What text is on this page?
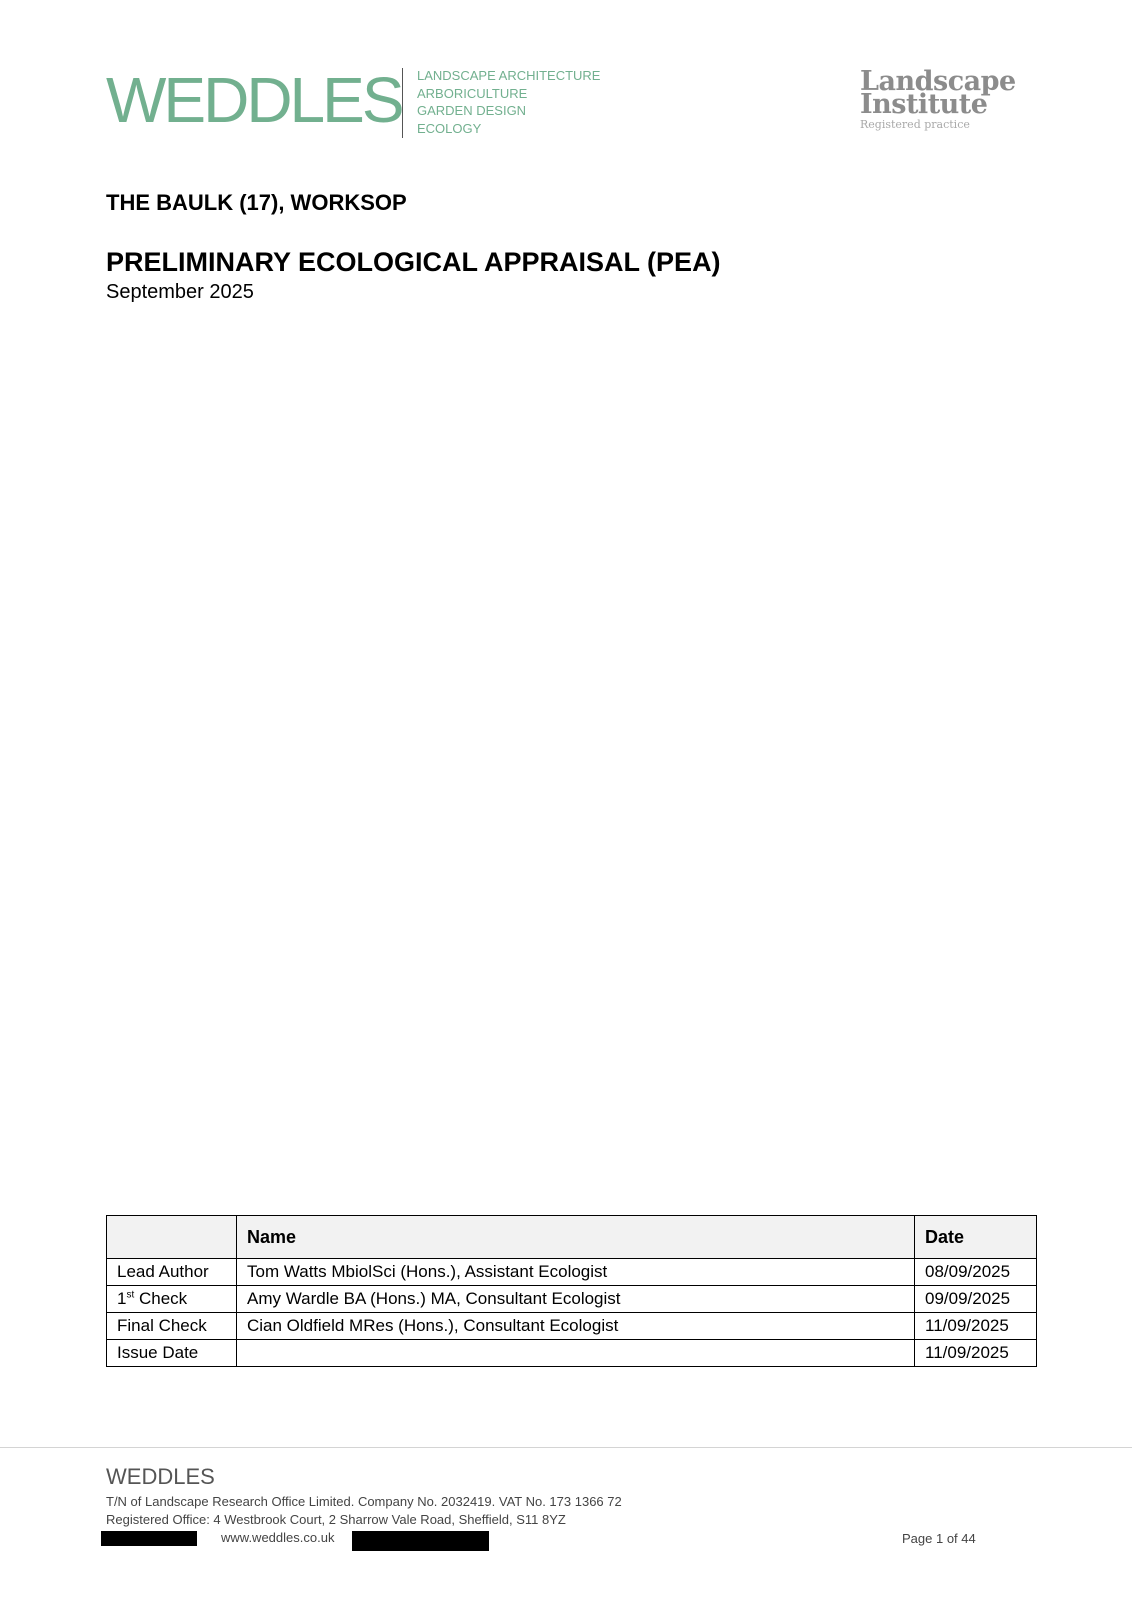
WEDDLES LANDSCAPE ARCHITECTURE
ARBORICULTURE
GARDEN DESIGN
ECOLOGY
Landscape
Institute
Registered practice
THE BAULK (17), WORKSOP
PRELIMINARY ECOLOGICAL APPRAISAL (PEA)
September 2025
	Name	Date
Lead Author	Tom Watts MbiolSci (Hons.), Assistant Ecologist	08/09/2025
1st Check	Amy Wardle BA (Hons.) MA, Consultant Ecologist	09/09/2025
Final Check	Cian Oldfield MRes (Hons.), Consultant Ecologist	11/09/2025
Issue Date		11/09/2025
WEDDLES
T/N of Landscape Research Office Limited. Company No. 2032419. VAT No. 173 1366 72
Registered Office: 4 Westbrook Court, 2 Sharrow Vale Road, Sheffield, S11 8YZ
www.weddles.co.uk	Page 1 of 44
